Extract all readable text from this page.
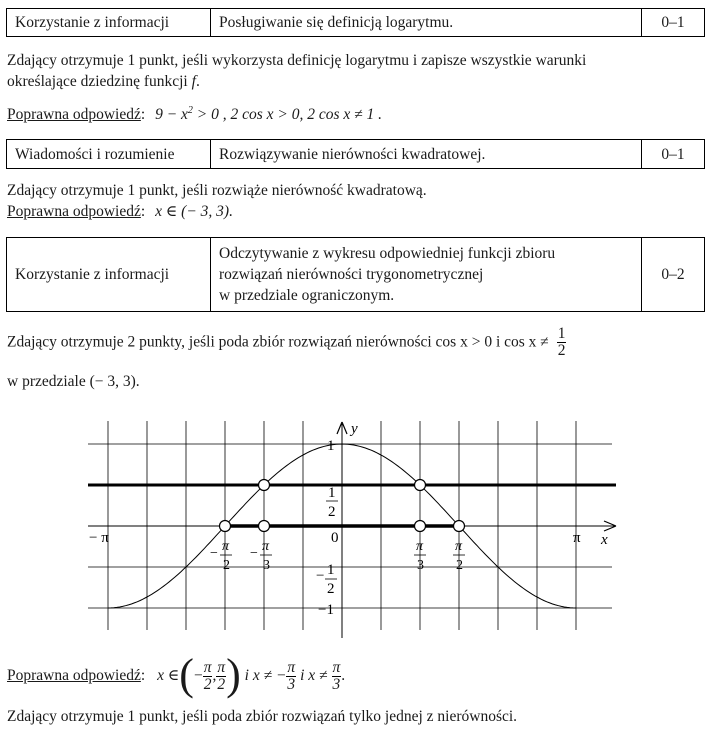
Korzystanie z informacji	Posługiwanie się definicją logarytmu.	0–1

Zdający otrzymuje 1 punkt, jeśli wykorzysta definicję logarytmu i zapisze wszystkie warunki
określające dziedzinę funkcji f.

Poprawna odpowiedź: $9 - x^2 > 0$ , 2 cos x > 0, 2 cos x ≠ 1 .

Wiadomości i rozumienie	Rozwiązywanie nierówności kwadratowej.	0–1

Zdający otrzymuje 1 punkt, jeśli rozwiąże nierówność kwadratową.
Poprawna odpowiedź: x ∈ (− 3, 3).

Korzystanie z informacji	Odczytywanie z wykresu odpowiedniej funkcji zbioru
rozwiązań nierówności trygonometrycznej
w przedziale ograniczonym.	0–2
Zdający otrzymuje 2 punkty, jeśli poda zbiór rozwiązań nierówności cos x > 0 i $\cos x \ne \frac{1}{2}$

w przedziale (− 3, 3).

y
x
1
−1
0
− π	π
1
2
− 1
2
− π
2
− π
3
π
3
π
2
Poprawna odpowiedź: x ∈(− $\frac{\pi}{2}$ , $\frac{\pi}{2}$ ) i x ≠ − $\frac{\pi}{3}$ i $x \ne \frac{\pi}{3}$ .

Zdający otrzymuje 1 punkt, jeśli poda zbiór rozwiązań tylko jednej z nierówności.
